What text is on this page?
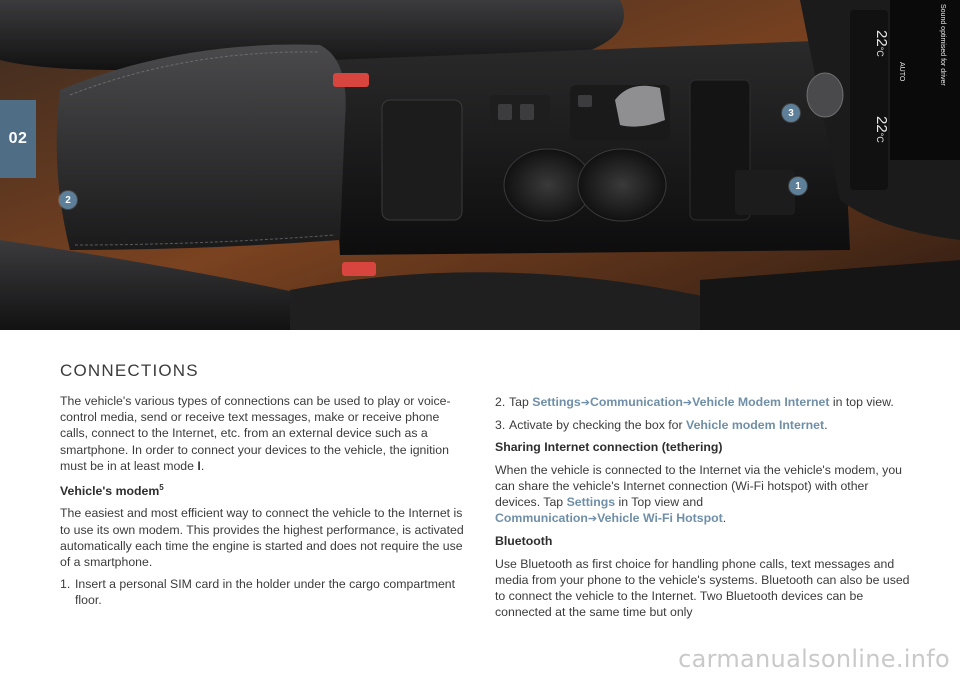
3
1
2
22°C
AUTO
22°C
Sound optimised for driver
02
CONNECTIONS

The vehicle's various types of connections can be used to play or voice-control media, send or receive text messages, make or receive phone calls, connect to the Internet, etc. from an external device such as a smartphone. In order to connect your devices to the vehicle, the ignition must be in at least mode I.

Vehicle's modem$^5$

The easiest and most efficient way to connect the vehicle to the Internet is to use its own modem. This provides the highest performance, is activated automatically each time the engine is started and does not require the use of a smartphone.

1. Insert a personal SIM card in the holder under the cargo compartment floor.
2. Tap Settings➔Communication➔Vehicle Modem Internet in top view.
3. Activate by checking the box for Vehicle modem Internet.
Sharing Internet connection (tethering)

When the vehicle is connected to the Internet via the vehicle's modem, you can share the vehicle's Internet connection (Wi-Fi hotspot) with other devices. Tap Settings in Top view and
Communication➔Vehicle Wi-Fi Hotspot.

Bluetooth

Use Bluetooth as first choice for handling phone calls, text messages and media from your phone to the vehicle's systems. Bluetooth can also be used to connect the vehicle to the Internet. Two Bluetooth devices can be connected at the same time but only

carmanualsonline.info
